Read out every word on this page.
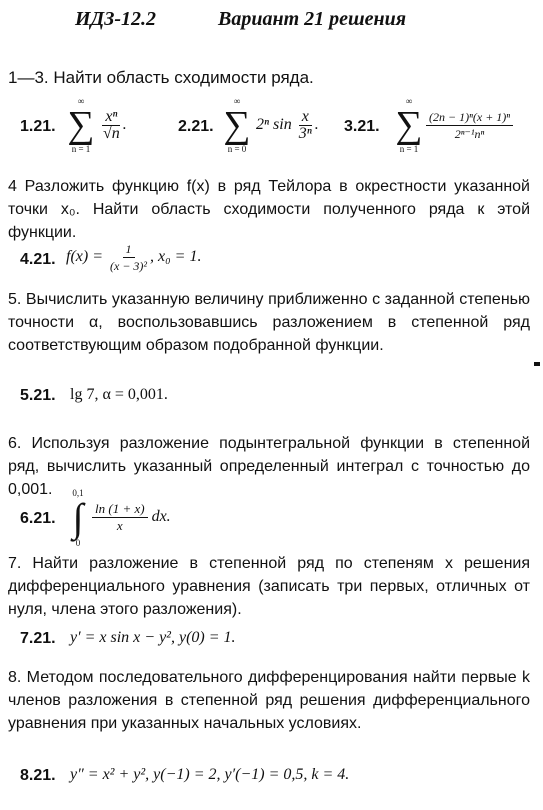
ИДЗ-12.2	Вариант 21 решения
1—3. Найти область сходимости ряда.
1.21.
∞
∑
n = 1
$\frac{\text{xⁿ}}{√n}$ .	2.21.
∞
∑
n = 0
2ⁿ $\sin \frac{x}{\text{3ⁿ}}$ . 3.21.
∞
∑
n = 1
$\frac{\text{(2n − 1)ⁿ(x + 1)ⁿ}}{\text{2ⁿ⁻¹nⁿ}}$
4 Разложить функцию f(x) в ряд Тейлора в окрестности указанной точки x₀. Найти область сходимости полученного ряда к этой функции.
4.21. $f(x) = \frac{1}{\text{(x − 3)²}}$ , x₀ = 1.
5. Вычислить указанную величину приближенно с заданной степенью точности α, воспользовавшись разложением в степенной ряд соответствующим образом подобранной функции.
5.21. lg 7, α = 0,001.
6. Используя разложение подынтегральной функции в степенной ряд, вычислить указанный определенный интеграл с точностью до 0,001.
6.21.
0,1
∫
0
$\frac{\ln (1 + x)}{x}$ dx.
7. Найти разложение в степенной ряд по степеням x решения дифференциального уравнения (записать три первых, отличных от нуля, члена этого разложения).
7.21. y′ = x sin x − y², y(0) = 1.
8. Методом последовательного дифференцирования найти первые k членов разложения в степенной ряд решения дифференциального уравнения при указанных начальных условиях.
8.21. y″ = x² + y², y(−1) = 2, y′(−1) = 0,5, k = 4.
